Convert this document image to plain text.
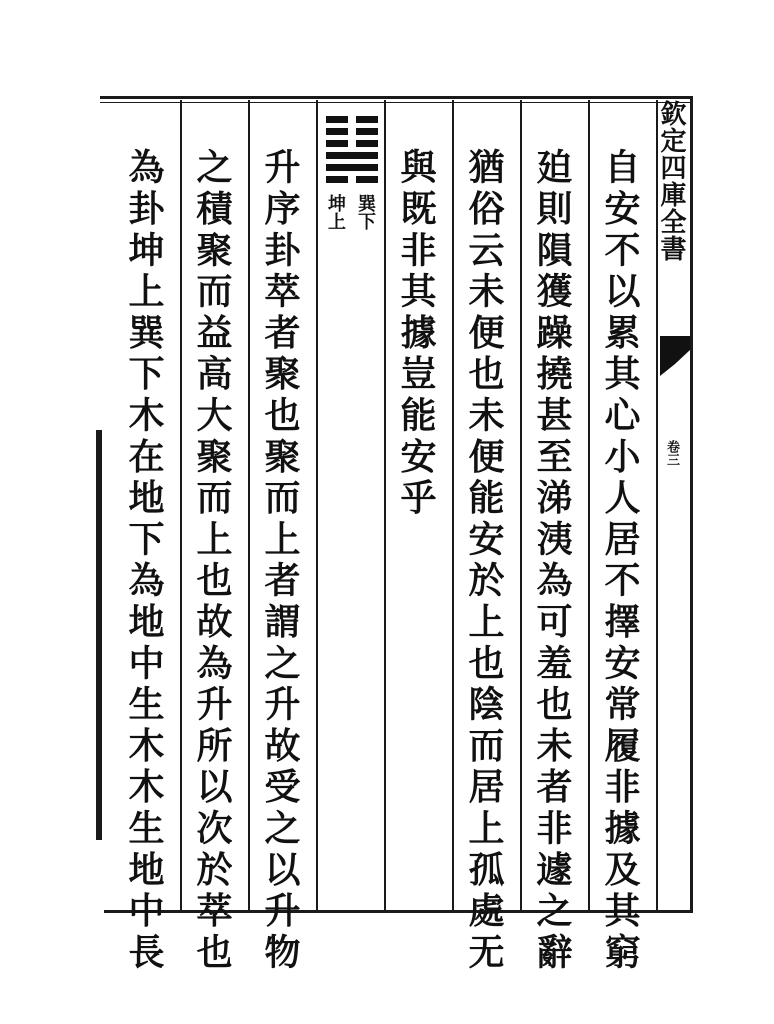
欽定四庫全書
卷三
自安不以累其心小人居不擇安常履非據及其窮
廹則隕獲躁撓甚至涕洟為可羞也未者非遽之辭
猶俗云未便也未便能安於上也陰而居上孤處无
與既非其據豈能安乎
巽下
坤上
升序卦萃者聚也聚而上者謂之升故受之以升物
之積聚而益高大聚而上也故為升所以次於萃也
為卦坤上巽下木在地下為地中生木木生地中長
